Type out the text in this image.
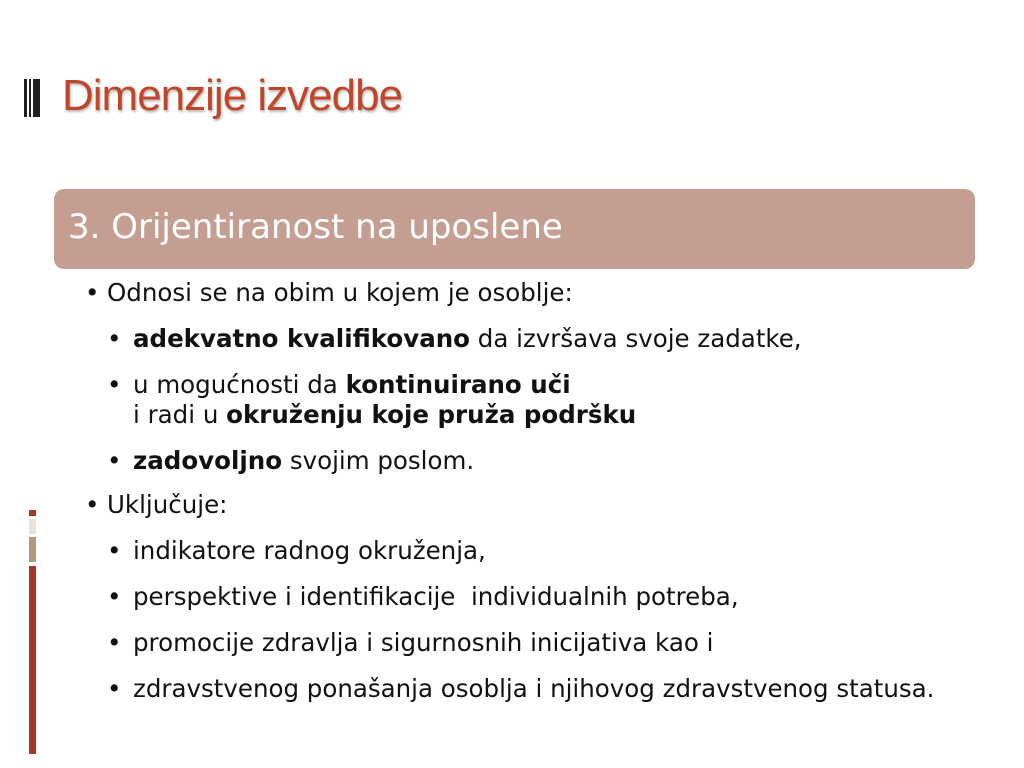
Dimenzije izvedbe
3. Orijentiranost na uposlene
• Odnosi se na obim u kojem je osoblje:
• adekvatno kvalifikovano da izvršava svoje zadatke,
• u mogućnosti da kontinuirano uči
i radi u okruženju koje pruža podršku
• zadovoljno svojim poslom.
• Uključuje:
• indikatore radnog okruženja,
• perspektive i identifikacije  individualnih potreba,
• promocije zdravlja i sigurnosnih inicijativa kao i
• zdravstvenog ponašanja osoblja i njihovog zdravstvenog statusa.
